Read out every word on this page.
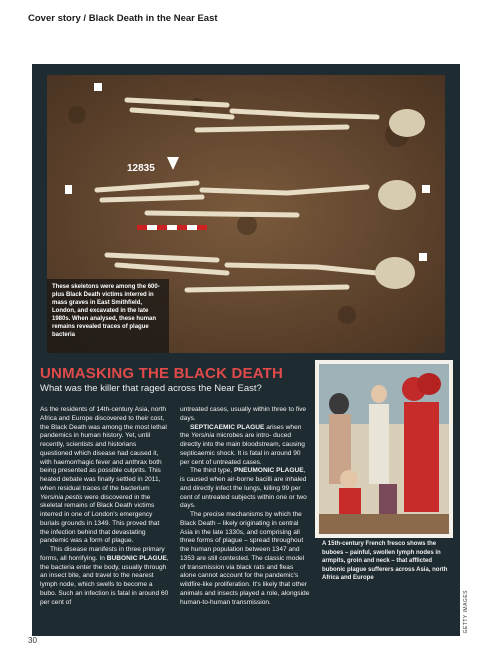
Cover story / Black Death in the Near East
12835
These skeletons were among the 600-plus Black Death victims interred in mass graves in East Smithfield, London, and excavated in the late 1980s. When analysed, these human remains revealed traces of plague bacteria
UNMASKING THE BLACK DEATH
What was the killer that raged across the Near East?

As the residents of 14th-century Asia, north Africa and Europe discovered to their cost, the Black Death was among the most lethal pandemics in human history. Yet, until recently, scientists and historians questioned which disease had caused it, with haemorrhagic fever and anthrax both being presented as possible culprits. This heated debate was finally settled in 2011, when residual traces of the bacterium Yersinia pestis were discovered in the skeletal remains of Black Death victims interred in one of London's emergency burials grounds in 1349. This proved that the infection behind that devastating pandemic was a form of plague.

This disease manifests in three primary forms, all horrifying. In BUBONIC PLAGUE, the bacteria enter the body, usually through an insect bite, and travel to the nearest lymph node, which swells to become a bubo. Such an infection is fatal in around 60 per cent of

untreated cases, usually within three to five days.

SEPTICAEMIC PLAGUE arises when the Yersinia microbes are intro- duced directly into the main bloodstream, causing septicaemic shock. It is fatal in around 90 per cent of untreated cases.

The third type, PNEUMONIC PLAGUE, is caused when air-borne bacilli are inhaled and directly infect the lungs, killing 99 per cent of untreated subjects within one or two days.

The precise mechanisms by which the Black Death – likely originating in central Asia in the late 1330s, and comprising all three forms of plague – spread throughout the human population between 1347 and 1353 are still contested. The classic model of transmission via black rats and fleas alone cannot account for the pandemic's wildfire-like proliferation. It's likely that other animals and insects played a role, alongside human-to-human transmission.

A 15th-century French fresco shows the buboes – painful, swollen lymph nodes in armpits, groin and neck – that afflicted bubonic plague sufferers across Asia, north Africa and Europe
GETTY IMAGES
30
